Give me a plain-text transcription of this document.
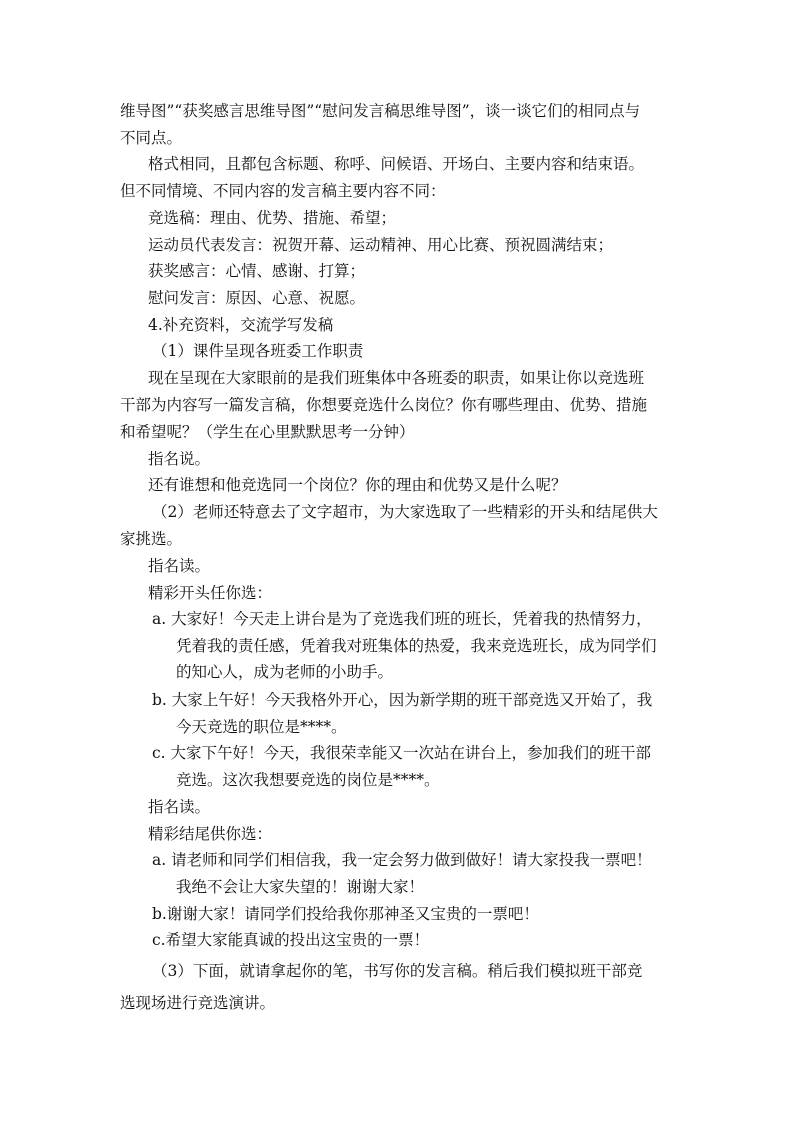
维导图”“获奖感言思维导图”“慰问发言稿思维导图”，谈一谈它们的相同点与
不同点。
格式相同，且都包含标题、称呼、问候语、开场白、主要内容和结束语。
但不同情境、不同内容的发言稿主要内容不同：
竞选稿：理由、优势、措施、希望；
运动员代表发言：祝贺开幕、运动精神、用心比赛、预祝圆满结束；
获奖感言：心情、感谢、打算；
慰问发言：原因、心意、祝愿。
4.补充资料，交流学写发稿
（1）课件呈现各班委工作职责
现在呈现在大家眼前的是我们班集体中各班委的职责，如果让你以竞选班
干部为内容写一篇发言稿，你想要竞选什么岗位？你有哪些理由、优势、措施
和希望呢？（学生在心里默默思考一分钟）
指名说。
还有谁想和他竞选同一个岗位？你的理由和优势又是什么呢？
（2）老师还特意去了文字超市，为大家选取了一些精彩的开头和结尾供大
家挑选。
指名读。
精彩开头任你选：
a. 大家好！今天走上讲台是为了竞选我们班的班长，凭着我的热情努力，
凭着我的责任感，凭着我对班集体的热爱，我来竞选班长，成为同学们
的知心人，成为老师的小助手。
b. 大家上午好！今天我格外开心，因为新学期的班干部竞选又开始了，我
今天竞选的职位是****。
c. 大家下午好！今天，我很荣幸能又一次站在讲台上，参加我们的班干部
竞选。这次我想要竞选的岗位是****。
指名读。
精彩结尾供你选：
a. 请老师和同学们相信我，我一定会努力做到做好！请大家投我一票吧！
我绝不会让大家失望的！谢谢大家！
b.谢谢大家！请同学们投给我你那神圣又宝贵的一票吧！
c.希望大家能真诚的投出这宝贵的一票！
（3）下面，就请拿起你的笔，书写你的发言稿。稍后我们模拟班干部竞
选现场进行竞选演讲。
